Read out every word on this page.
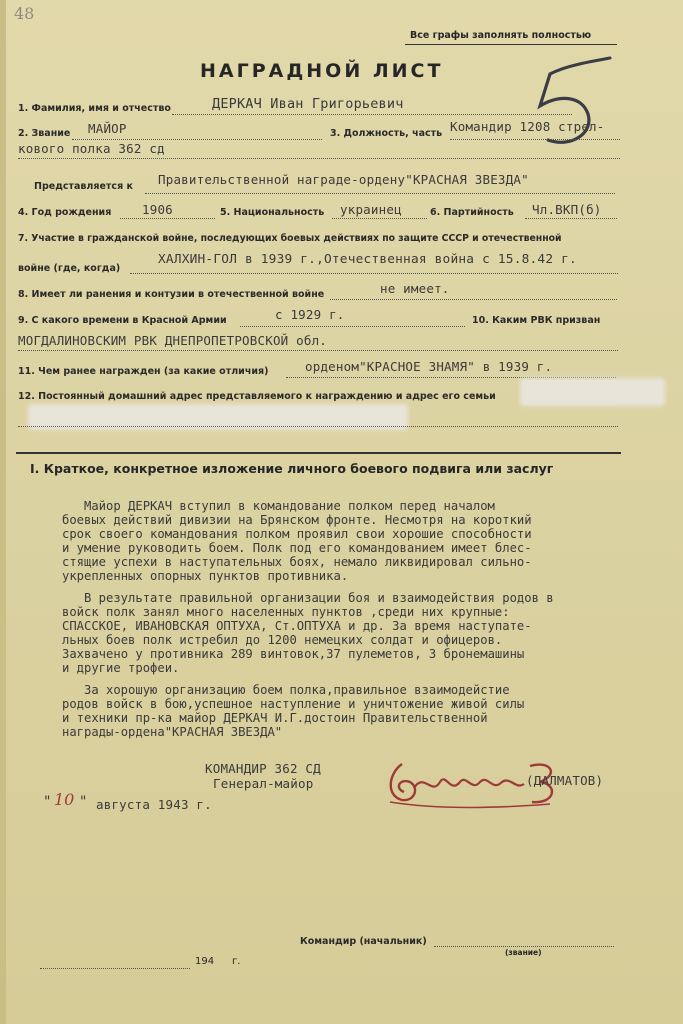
48
Все графы заполнять полностью
НАГРАДНОЙ ЛИСТ
1. Фамилия, имя и отчество	ДЕРКАЧ Иван Григорьевич
2. Звание МАЙОР	3. Должность, часть Командир 1208 стрел-
кового полка 362 сд
Представляется к Правительственной награде-ордену"КРАСНАЯ ЗВЕЗДА"
4. Год рождения 1906	5. Национальность украинец	6. Партийность Чл.ВКП(б)
7. Участие в гражданской войне, последующих боевых действиях по защите СССР и отечественной
войне (где, когда)
ХАЛХИН-ГОЛ в 1939 г.,Отечественная война с 15.8.42 г.
8. Имеет ли ранения и контузии в отечественной войне	не имеет.
9. С какого времени в Красной Армии	с 1929 г.	10. Каким РВК призван
МОГДАЛИНОВСКИМ РВК ДНЕПРОПЕТРОВСКОЙ обл.
11. Чем ранее награжден (за какие отличия)	орденом"КРАСНОЕ ЗНАМЯ" в 1939 г.
12. Постоянный домашний адрес представляемого к награждению и адрес его семьи
I. Краткое, конкретное изложение личного боевого подвига или заслуг
Майор ДЕРКАЧ вступил в командование полком перед началом
боевых действий дивизии на Брянском фронте. Несмотря на короткий
срок своего командования полком проявил свои хорошие способности
и умение руководить боем. Полк под его командованием имеет блес-
стящие успехи в наступательных боях, немало ликвидировал сильно-
укрепленных опорных пунктов противника.
В результате правильной организации боя и взаимодействия родов в
войск полк занял много населенных пунктов ,среди них крупные:
СПАССКОЕ, ИВАНОВСКАЯ ОПТУХА, Ст.ОПТУХА и др. За время наступате-
льных боев полк истребил до 1200 немецких солдат и офицеров.
Захвачено у противника 289 винтовок,37 пулеметов, 3 бронемашины
и другие трофеи.
За хорошую организацию боем полка,правильное взаимодейстие
родов войск в бою,успешное наступление и уничтожение живой силы
и техники пр-ка майор ДЕРКАЧ И.Г.достоин Правительственной
награды-ордена"КРАСНАЯ ЗВЕЗДА"
КОМАНДИР 362 СД
Генерал-майор	(ДАЛМАТОВ)
" 10 " августа 1943 г.
Командир (начальник)
(звание)
194 г.
